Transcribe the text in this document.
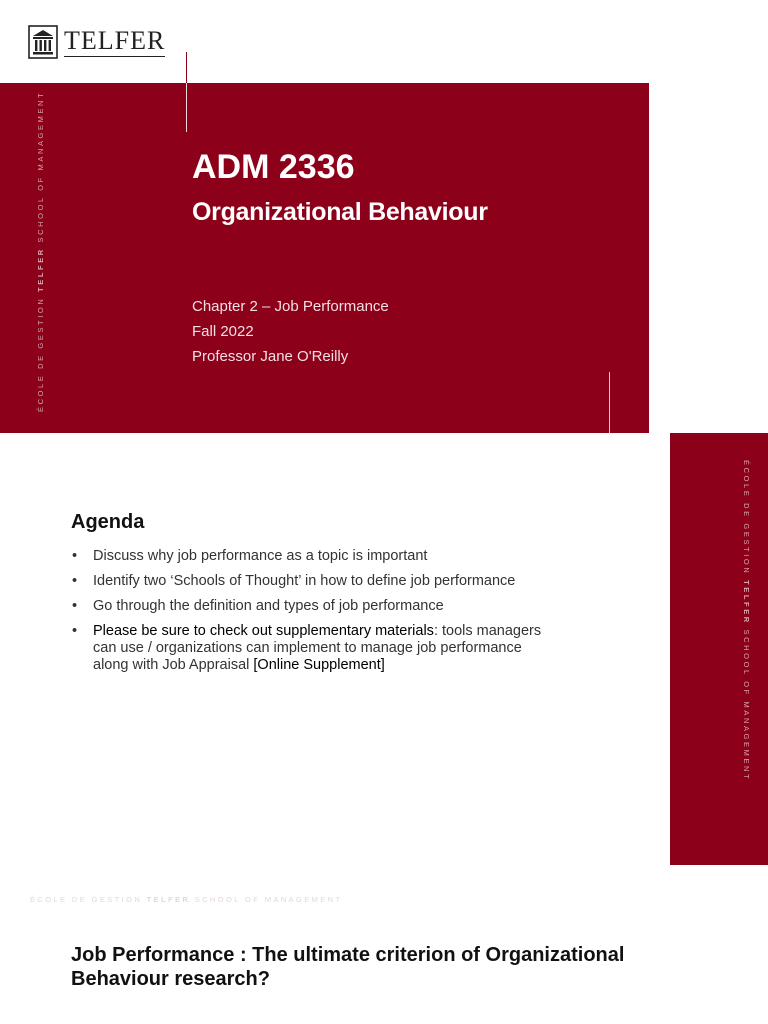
TELFER
ÉCOLE DE GESTION TELFER SCHOOL OF MANAGEMENT	ADM 2336
Organizational Behaviour
Chapter 2 – Job Performance
Fall 2022
Professor Jane O'Reilly
ÉCOLE DE GESTION TELFER SCHOOL OF MANAGEMENT
Agenda
• Discuss why job performance as a topic is important
• Identify two ‘Schools of Thought’ in how to define job performance
• Go through the definition and types of job performance
• Please be sure to check out supplementary materials: tools managers can use / organizations can implement to manage job performance along with Job Appraisal [Online Supplement]
ÉCOLE DE GESTION TELFER SCHOOL OF MANAGEMENT
Job Performance : The ultimate criterion of Organizational Behaviour research?
